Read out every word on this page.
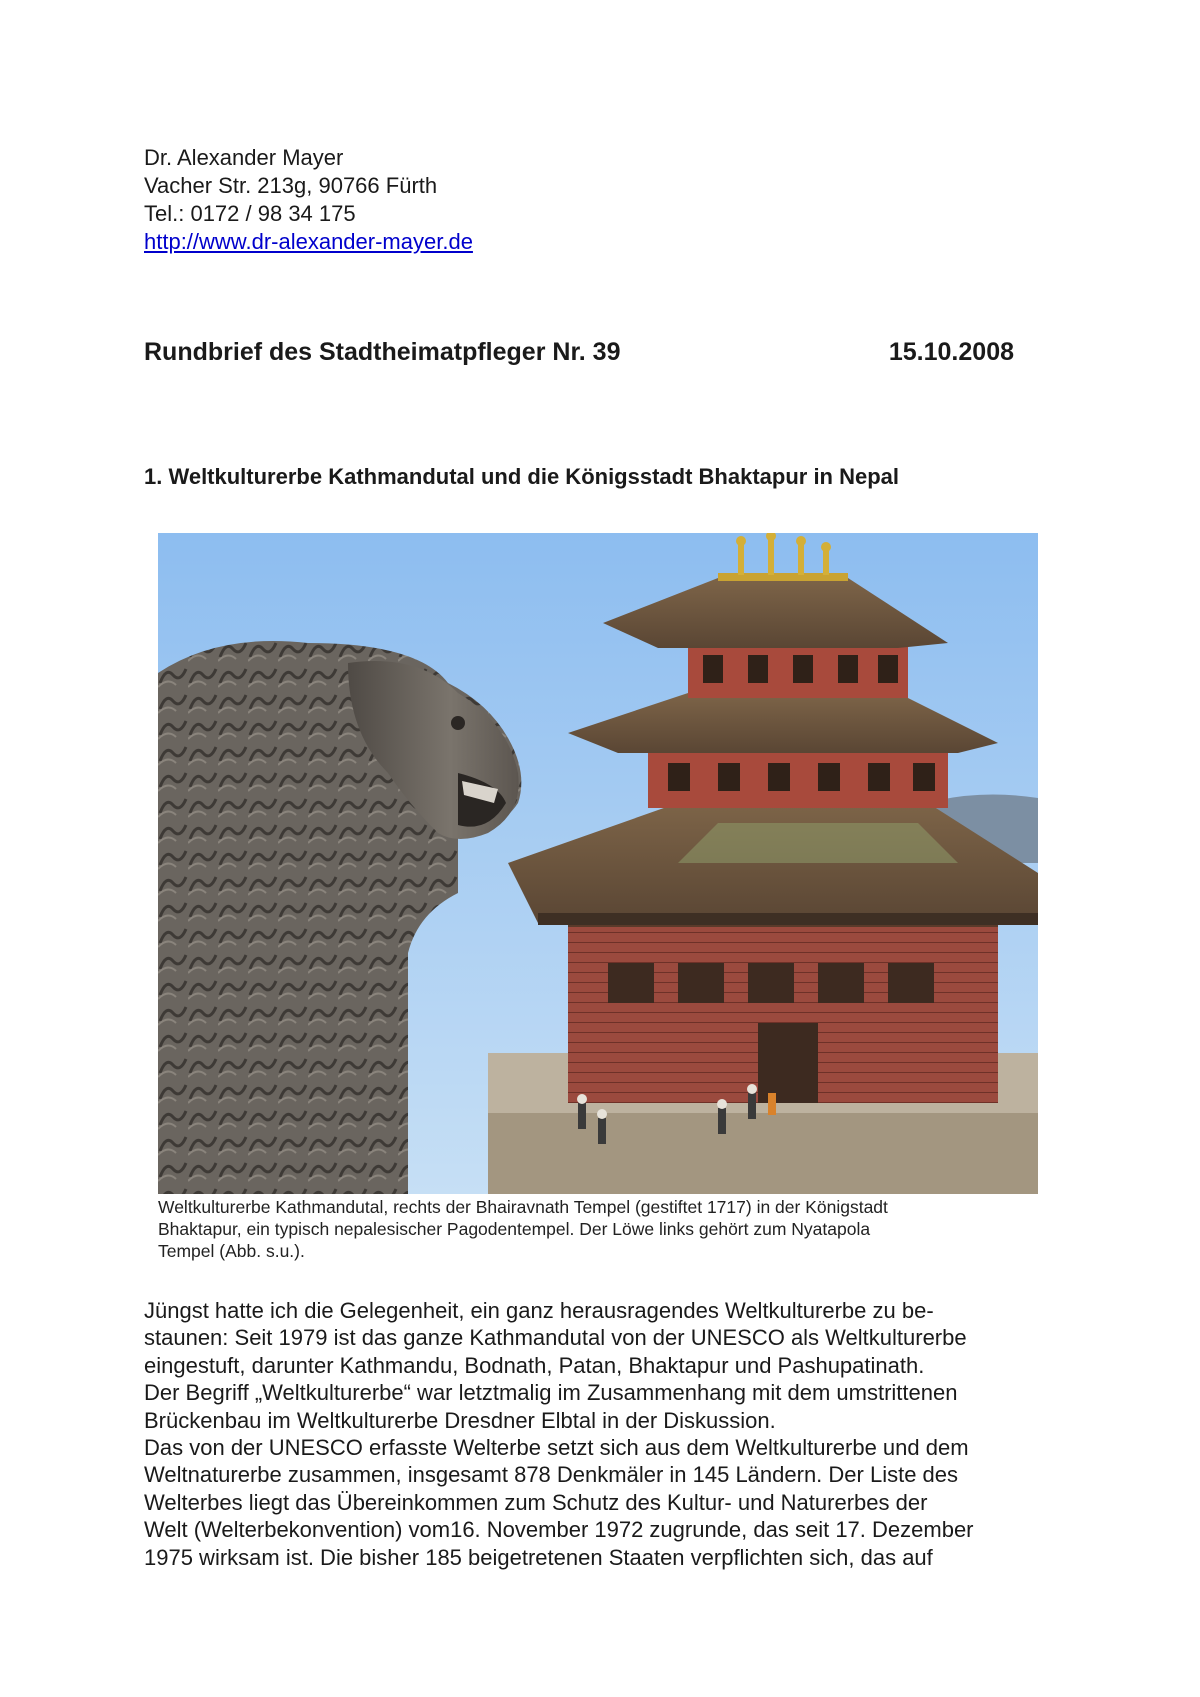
Dr. Alexander Mayer
Vacher Str. 213g, 90766 Fürth
Tel.: 0172 / 98 34 175
http://www.dr-alexander-mayer.de
Rundbrief des Stadtheimatpfleger Nr. 39	15.10.2008
1. Weltkulturerbe Kathmandutal und die Königsstadt Bhaktapur in Nepal
Weltkulturerbe Kathmandutal, rechts der Bhairavnath Tempel (gestiftet 1717) in der Königstadt
Bhaktapur, ein typisch nepalesischer Pagodentempel. Der Löwe links gehört zum Nyatapola
Tempel (Abb. s.u.).
Jüngst hatte ich die Gelegenheit, ein ganz herausragendes Weltkulturerbe zu be-
staunen: Seit 1979 ist das ganze Kathmandutal von der UNESCO als Weltkulturerbe
eingestuft, darunter Kathmandu, Bodnath, Patan, Bhaktapur und Pashupatinath.
Der Begriff „Weltkulturerbe“ war letztmalig im Zusammenhang mit dem umstrittenen
Brückenbau im Weltkulturerbe Dresdner Elbtal in der Diskussion.
Das von der UNESCO erfasste Welterbe setzt sich aus dem Weltkulturerbe und dem
Weltnaturerbe zusammen, insgesamt 878 Denkmäler in 145 Ländern. Der Liste des
Welterbes liegt das Übereinkommen zum Schutz des Kultur- und Naturerbes der
Welt (Welterbekonvention) vom16. November 1972 zugrunde, das seit 17. Dezember
1975 wirksam ist. Die bisher 185 beigetretenen Staaten verpflichten sich, das auf
